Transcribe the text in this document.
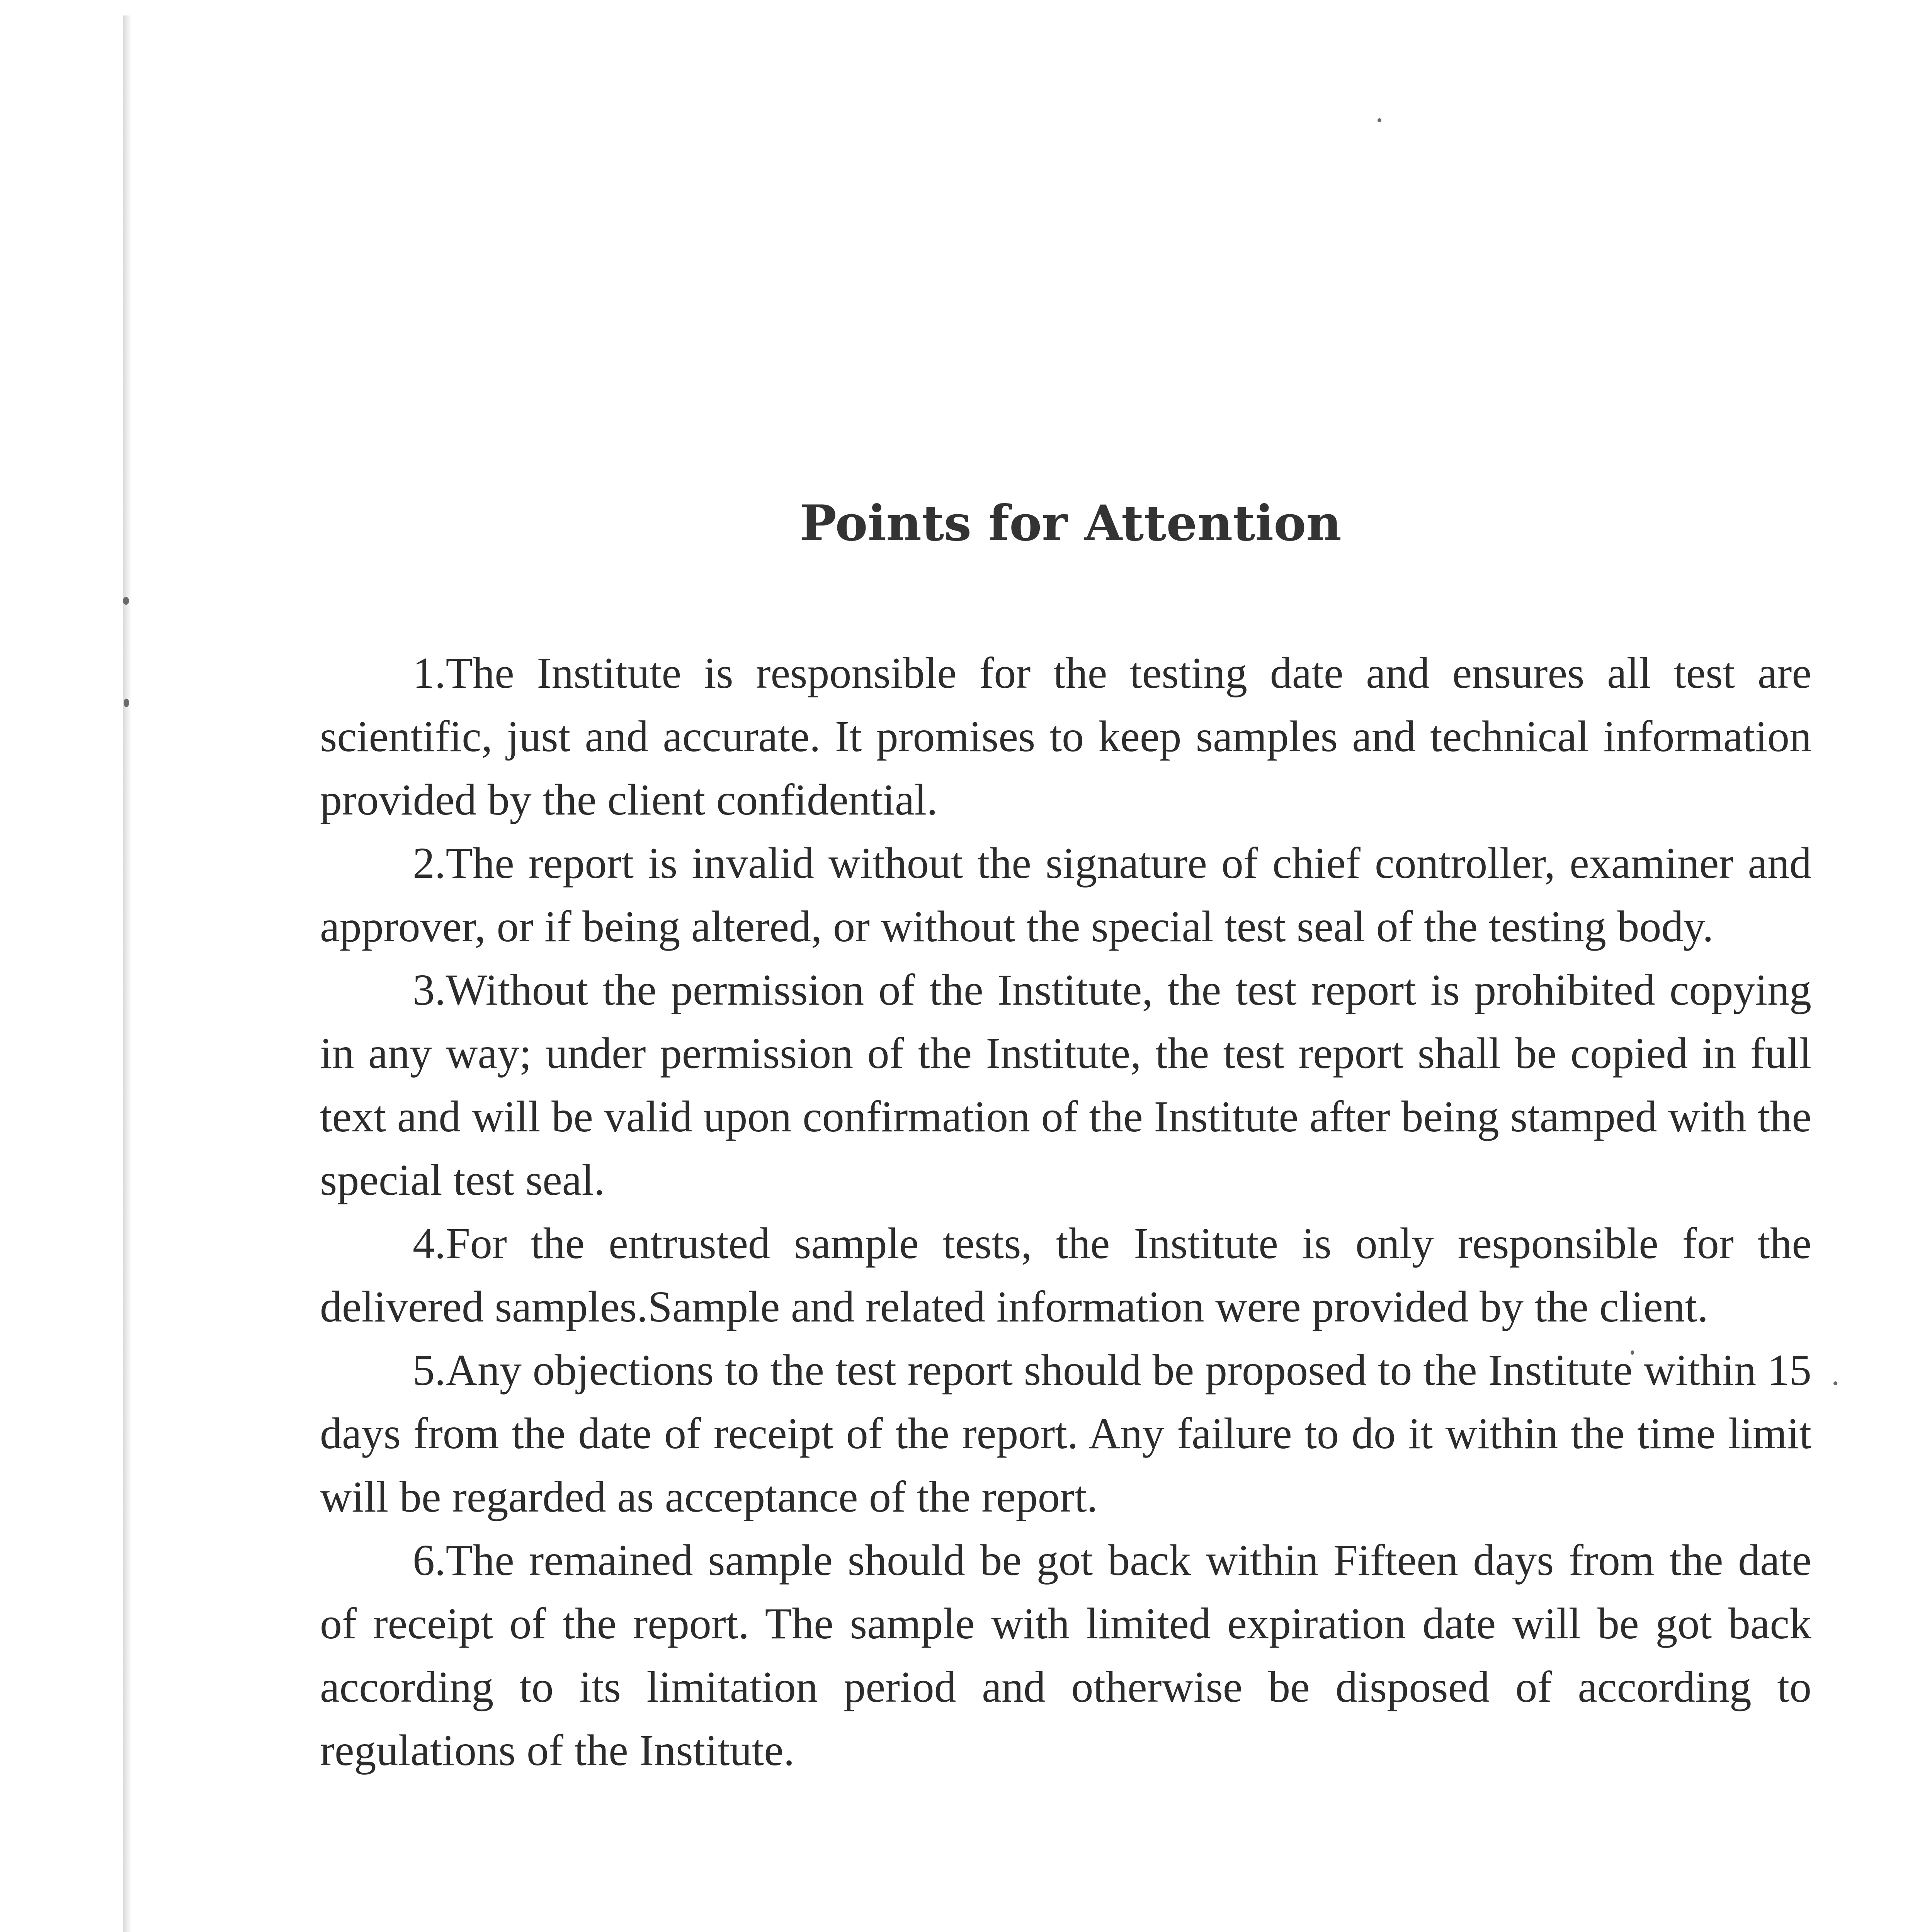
Points for Attention

1.The Institute is responsible for the testing date and ensures all test are scientific, just and accurate. It promises to keep samples and technical information provided by the client confidential.

2.The report is invalid without the signature of chief controller, examiner and approver, or if being altered, or without the special test seal of the testing body.

3.Without the permission of the Institute, the test report is prohibited copying in any way; under permission of the Institute, the test report shall be copied in full text and will be valid upon confirmation of the Institute after being stamped with the special test seal.

4.For the entrusted sample tests, the Institute is only responsible for the delivered samples.Sample and related information were provided by the client.

5.Any objections to the test report should be proposed to the Institute within 15 days from the date of receipt of the report. Any failure to do it within the time limit will be regarded as acceptance of the report.

6.The remained sample should be got back within Fifteen days from the date of receipt of the report. The sample with limited expiration date will be got back according to its limitation period and otherwise be disposed of according to regulations of the Institute.
